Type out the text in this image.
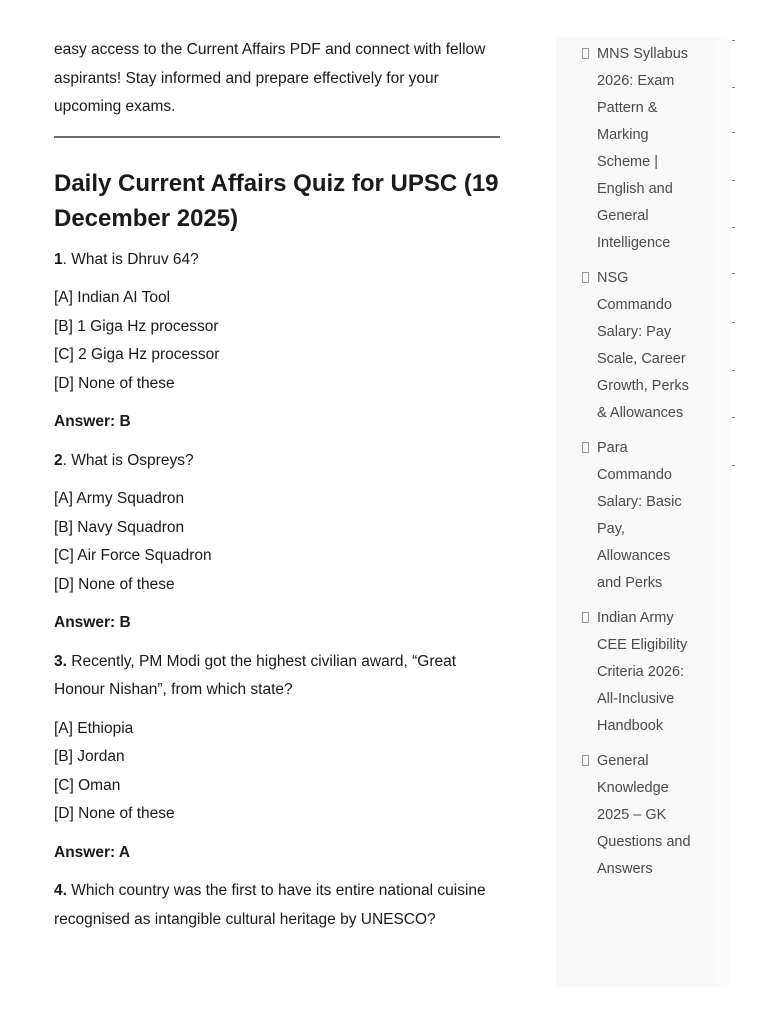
easy access to the Current Affairs PDF and connect with fellow aspirants! Stay informed and prepare effectively for your upcoming exams.

Daily Current Affairs Quiz for UPSC (19 December 2025)

1. What is Dhruv 64?

[A] Indian AI Tool
[B] 1 Giga Hz processor
[C] 2 Giga Hz processor
[D] None of these

Answer: B

2. What is Ospreys?

[A] Army Squadron
[B] Navy Squadron
[C] Air Force Squadron
[D] None of these

Answer: B

3. Recently, PM Modi got the highest civilian award, “Great Honour Nishan”, from which state?

[A] Ethiopia
[B] Jordan
[C] Oman
[D] None of these

Answer: A

4. Which country was the first to have its entire national cuisine recognised as intangible cultural heritage by UNESCO?

MNS Syllabus 2026: Exam Pattern & Marking Scheme | English and General Intelligence
NSG Commando Salary: Pay Scale, Career Growth, Perks & Allowances
Para Commando Salary: Basic Pay, Allowances and Perks
Indian Army CEE Eligibility Criteria 2026: All-Inclusive Handbook
General Knowledge 2025 – GK Questions and Answers
